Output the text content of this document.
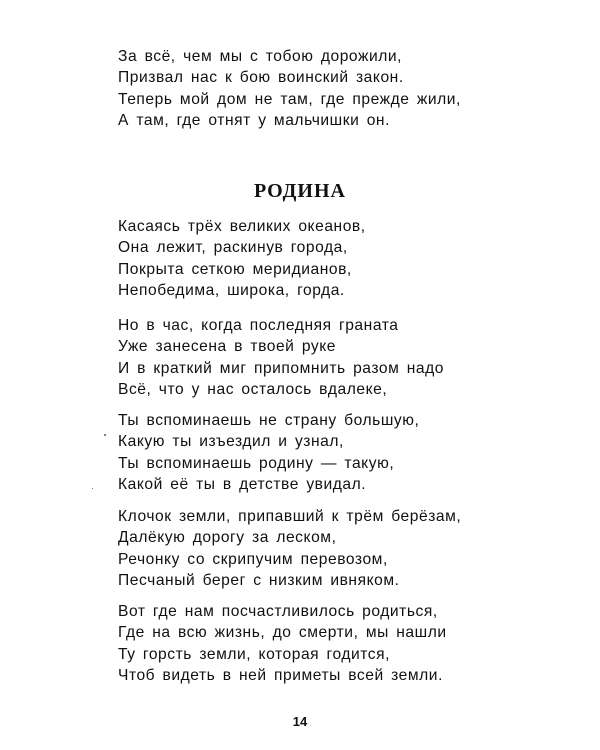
За всё, чем мы с тобою дорожили,
Призвал нас к бою воинский закон.
Теперь мой дом не там, где прежде жили,
А там, где отнят у мальчишки он.
РОДИНА
Касаясь трёх великих океанов,
Она лежит, раскинув города,
Покрыта сеткою меридианов,
Непобедима, широка, горда.
Но в час, когда последняя граната
Уже занесена в твоей руке
И в краткий миг припомнить разом надо
Всё, что у нас осталось вдалеке,
Ты вспоминаешь не страну большую,
Какую ты изъездил и узнал,
Ты вспоминаешь родину — такую,
Какой её ты в детстве увидал.
Клочок земли, припавший к трём берёзам,
Далёкую дорогу за леском,
Речонку со скрипучим перевозом,
Песчаный берег с низким ивняком.
Вот где нам посчастливилось родиться,
Где на всю жизнь, до смерти, мы нашли
Ту горсть земли, которая годится,
Чтоб видеть в ней приметы всей земли.
14
